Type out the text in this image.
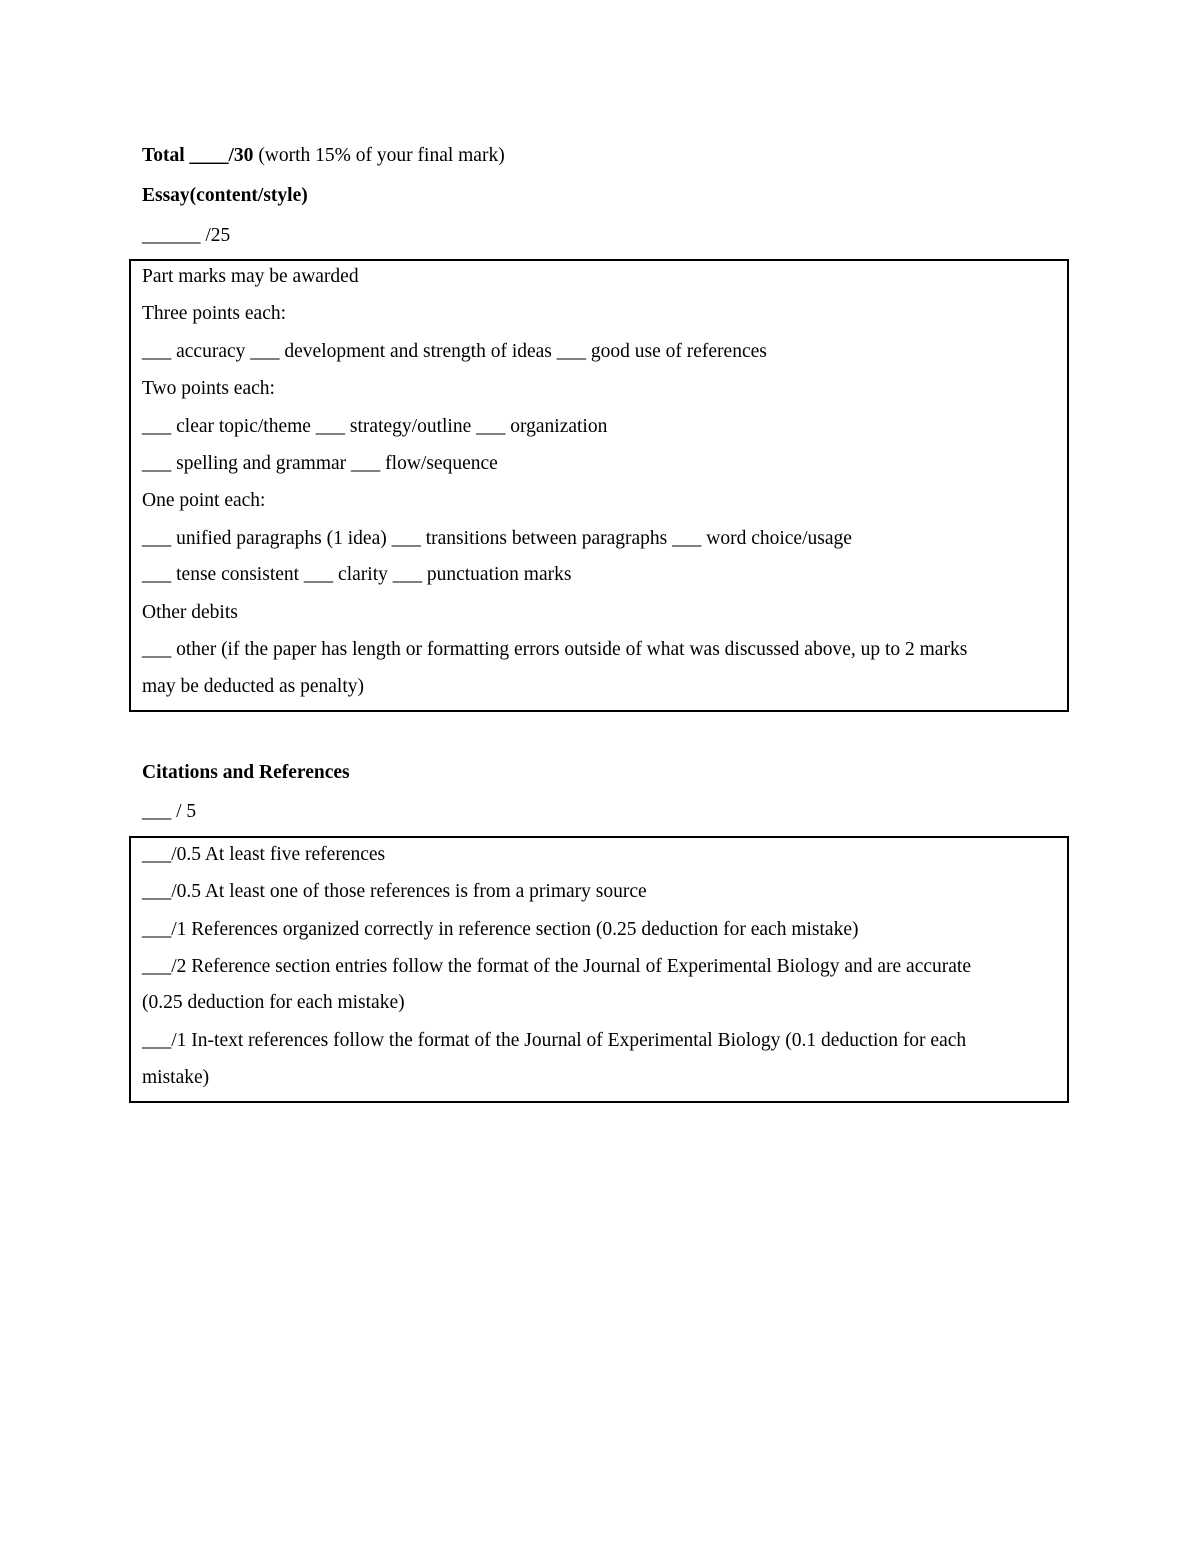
Total ____/30 (worth 15% of your final mark)
Essay(content/style)
______ /25
Part marks may be awarded
Three points each:
___ accuracy ___ development and strength of ideas ___ good use of references
Two points each:
___ clear topic/theme ___ strategy/outline ___ organization
___ spelling and grammar ___ flow/sequence
One point each:
___ unified paragraphs (1 idea) ___ transitions between paragraphs ___ word choice/usage
___ tense consistent ___ clarity ___ punctuation marks
Other debits
___ other (if the paper has length or formatting errors outside of what was discussed above, up to 2 marks
may be deducted as penalty)
Citations and References
___ / 5
___/0.5 At least five references
___/0.5 At least one of those references is from a primary source
___/1 References organized correctly in reference section (0.25 deduction for each mistake)
___/2 Reference section entries follow the format of the Journal of Experimental Biology and are accurate
(0.25 deduction for each mistake)
___/1 In-text references follow the format of the Journal of Experimental Biology (0.1 deduction for each
mistake)
